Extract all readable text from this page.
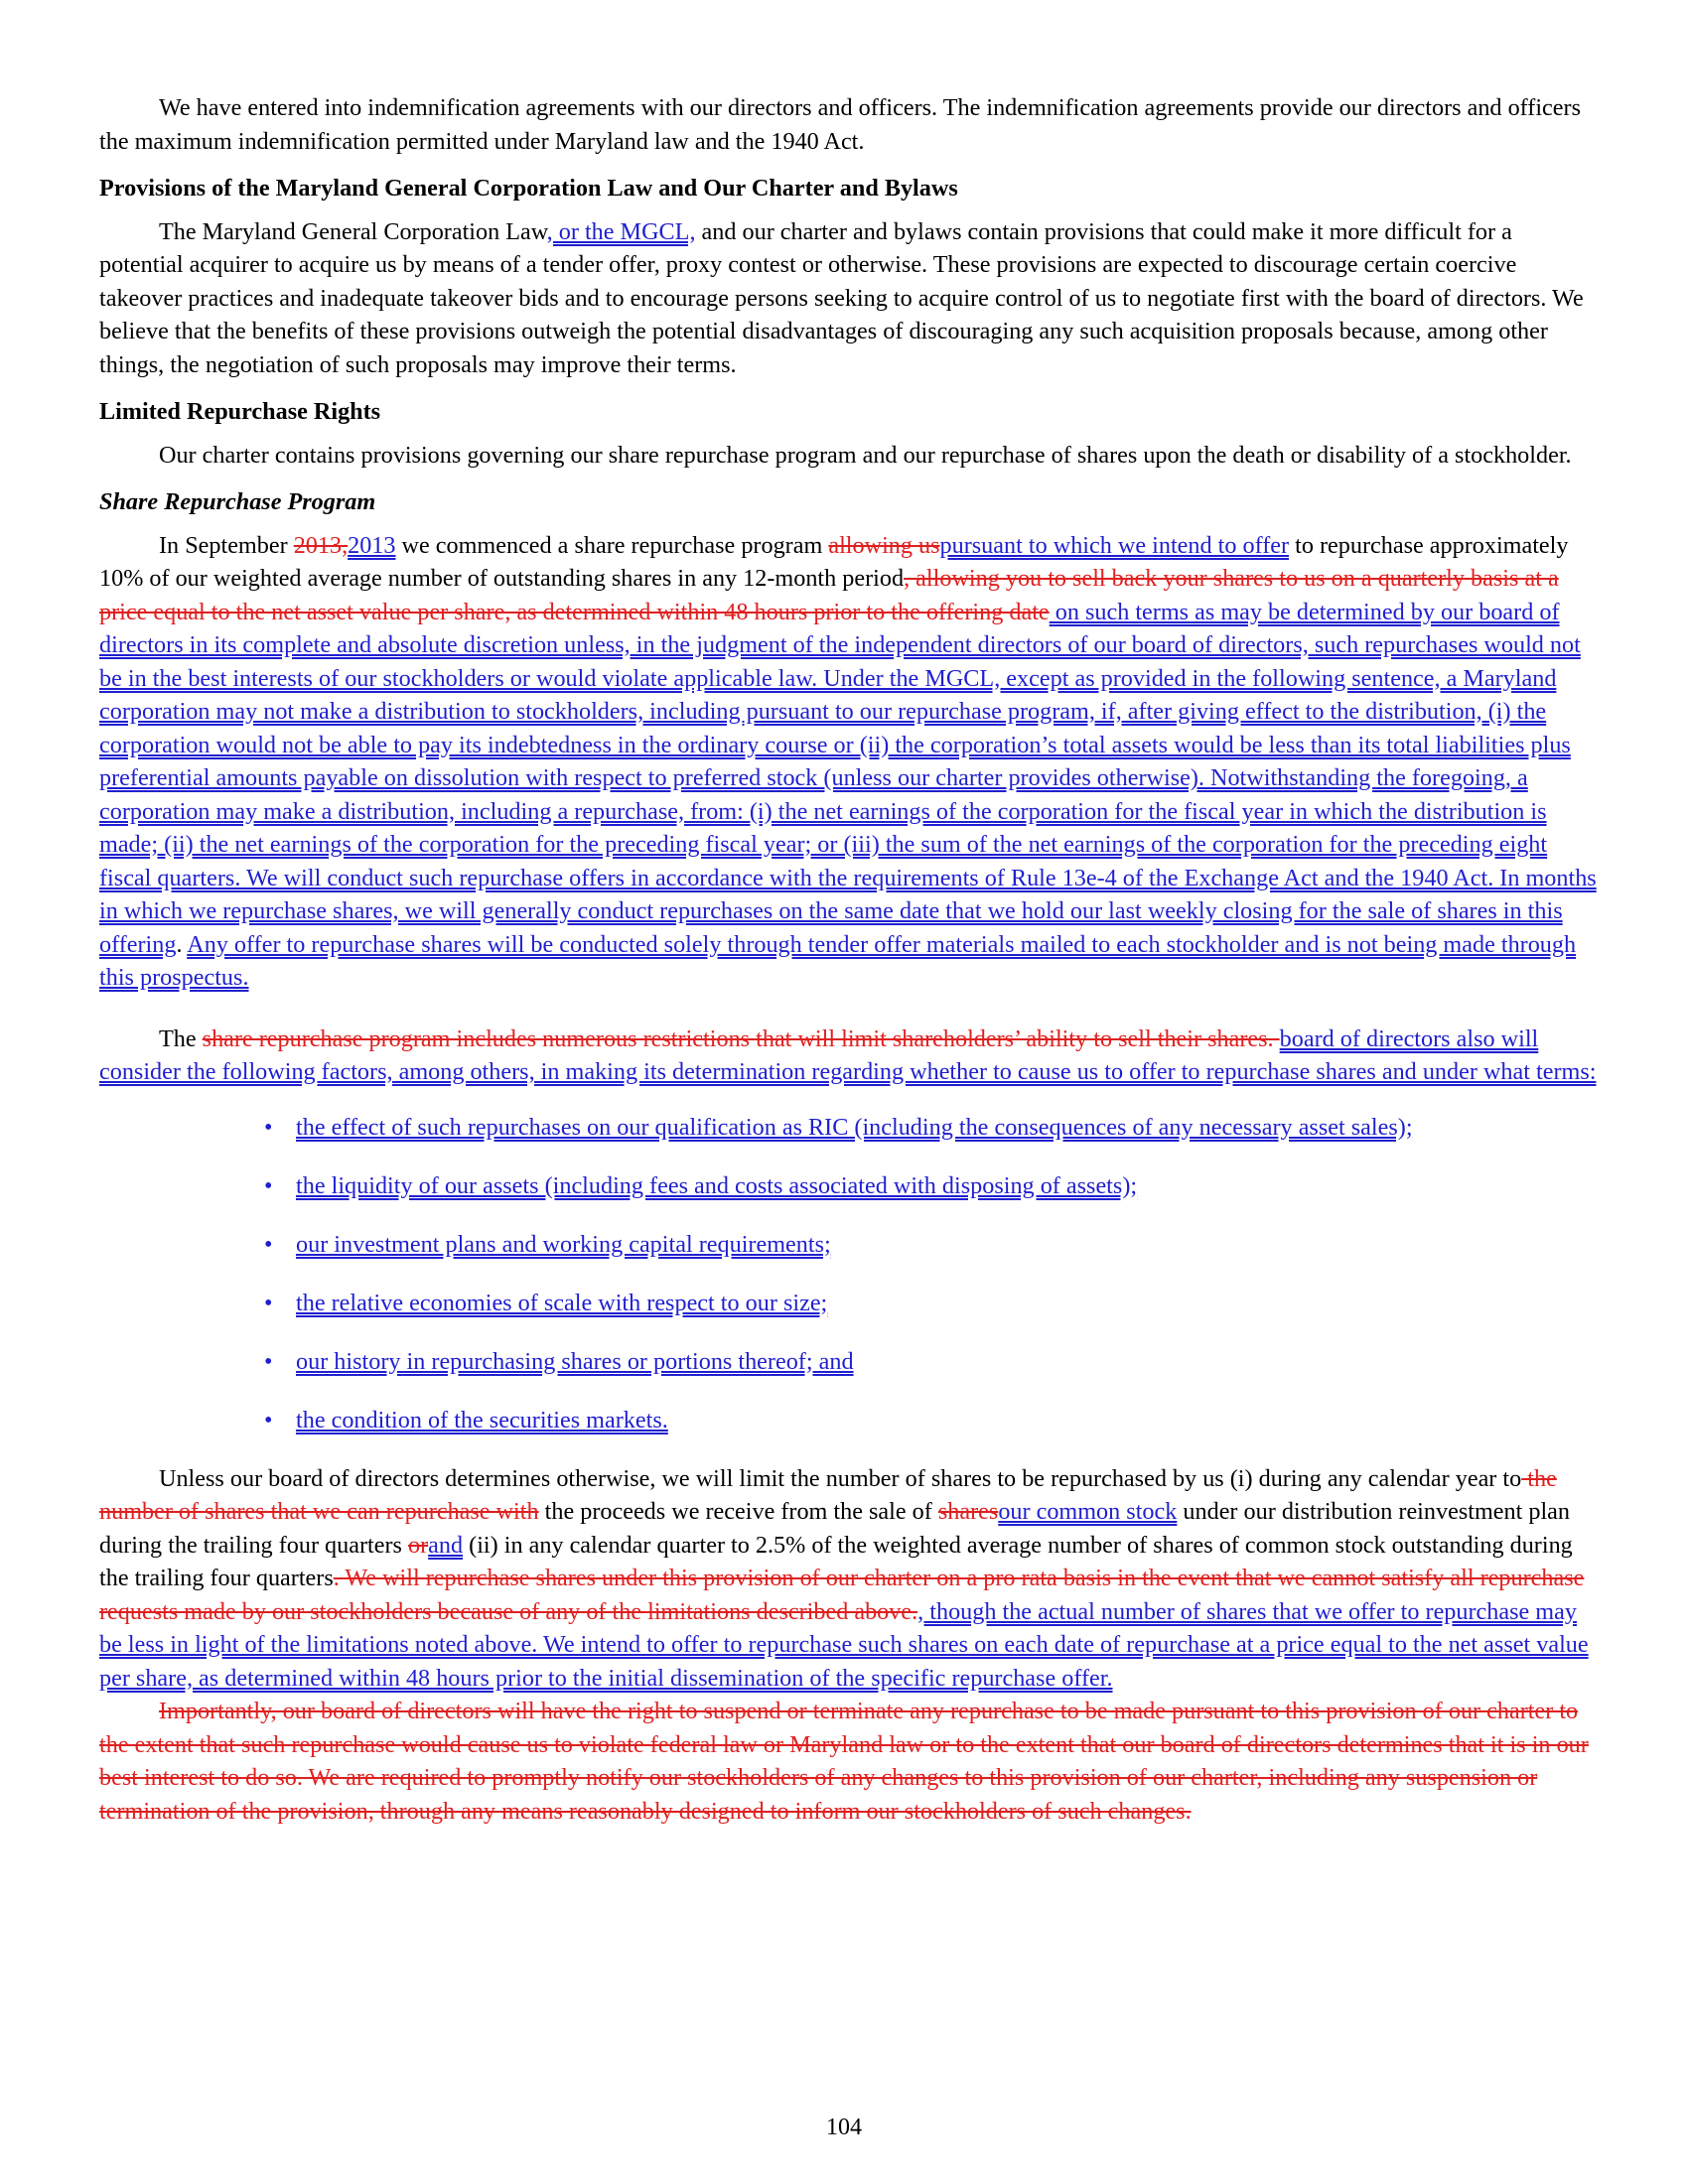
We have entered into indemnification agreements with our directors and officers. The indemnification agreements provide our directors and officers the maximum indemnification permitted under Maryland law and the 1940 Act.

Provisions of the Maryland General Corporation Law and Our Charter and Bylaws

The Maryland General Corporation Law, or the MGCL, and our charter and bylaws contain provisions that could make it more difficult for a potential acquirer to acquire us by means of a tender offer, proxy contest or otherwise. These provisions are expected to discourage certain coercive takeover practices and inadequate takeover bids and to encourage persons seeking to acquire control of us to negotiate first with the board of directors. We believe that the benefits of these provisions outweigh the potential disadvantages of discouraging any such acquisition proposals because, among other things, the negotiation of such proposals may improve their terms.

Limited Repurchase Rights

Our charter contains provisions governing our share repurchase program and our repurchase of shares upon the death or disability of a stockholder.

Share Repurchase Program

In September 2013,2013 we commenced a share repurchase program allowing uspursuant to which we intend to offer to repurchase approximately 10% of our weighted average number of outstanding shares in any 12-month period, allowing you to sell back your shares to us on a quarterly basis at a price equal to the net asset value per share, as determined within 48 hours prior to the offering date on such terms as may be determined by our board of directors in its complete and absolute discretion unless, in the judgment of the independent directors of our board of directors, such repurchases would not be in the best interests of our stockholders or would violate applicable law. Under the MGCL, except as provided in the following sentence, a Maryland corporation may not make a distribution to stockholders, including pursuant to our repurchase program, if, after giving effect to the distribution, (i) the corporation would not be able to pay its indebtedness in the ordinary course or (ii) the corporation’s total assets would be less than its total liabilities plus preferential amounts payable on dissolution with respect to preferred stock (unless our charter provides otherwise). Notwithstanding the foregoing, a corporation may make a distribution, including a repurchase, from: (i) the net earnings of the corporation for the fiscal year in which the distribution is made; (ii) the net earnings of the corporation for the preceding fiscal year; or (iii) the sum of the net earnings of the corporation for the preceding eight fiscal quarters. We will conduct such repurchase offers in accordance with the requirements of Rule 13e-4 of the Exchange Act and the 1940 Act. In months in which we repurchase shares, we will generally conduct repurchases on the same date that we hold our last weekly closing for the sale of shares in this offering. Any offer to repurchase shares will be conducted solely through tender offer materials mailed to each stockholder and is not being made through this prospectus.

The share repurchase program includes numerous restrictions that will limit shareholders’ ability to sell their shares. board of directors also will consider the following factors, among others, in making its determination regarding whether to cause us to offer to repurchase shares and under what terms:

• the effect of such repurchases on our qualification as RIC (including the consequences of any necessary asset sales);
• the liquidity of our assets (including fees and costs associated with disposing of assets);
• our investment plans and working capital requirements;
• the relative economies of scale with respect to our size;
• our history in repurchasing shares or portions thereof; and
• the condition of the securities markets.

Unless our board of directors determines otherwise, we will limit the number of shares to be repurchased by us (i) during any calendar year to the number of shares that we can repurchase with the proceeds we receive from the sale of sharesour common stock under our distribution reinvestment plan during the trailing four quarters orand (ii) in any calendar quarter to 2.5% of the weighted average number of shares of common stock outstanding during the trailing four quarters. We will repurchase shares under this provision of our charter on a pro rata basis in the event that we cannot satisfy all repurchase requests made by our stockholders because of any of the limitations described above., though the actual number of shares that we offer to repurchase may be less in light of the limitations noted above. We intend to offer to repurchase such shares on each date of repurchase at a price equal to the net asset value per share, as determined within 48 hours prior to the initial dissemination of the specific repurchase offer.

Importantly, our board of directors will have the right to suspend or terminate any repurchase to be made pursuant to this provision of our charter to the extent that such repurchase would cause us to violate federal law or Maryland law or to the extent that our board of directors determines that it is in our best interest to do so. We are required to promptly notify our stockholders of any changes to this provision of our charter, including any suspension or termination of the provision, through any means reasonably designed to inform our stockholders of such changes.

104
